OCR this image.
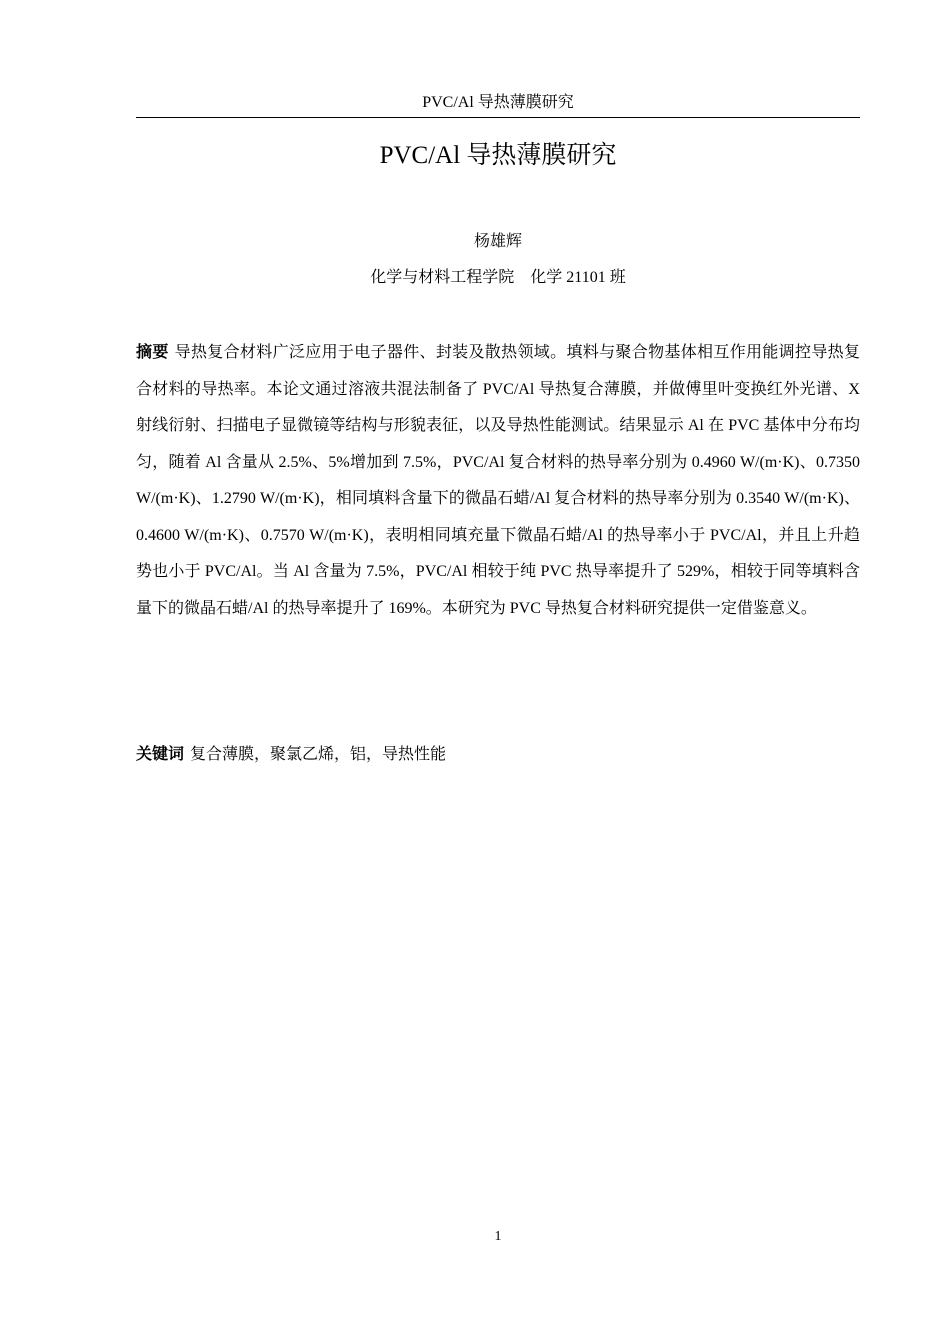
PVC/Al 导热薄膜研究
PVC/Al 导热薄膜研究
杨雄辉
化学与材料工程学院　化学 21101 班

摘要 导热复合材料广泛应用于电子器件、封装及散热领域。填料与聚合物基体相互作用能调控导热复合材料的导热率。本论文通过溶液共混法制备了 PVC/Al 导热复合薄膜，并做傅里叶变换红外光谱、X 射线衍射、扫描电子显微镜等结构与形貌表征，以及导热性能测试。结果显示 Al 在 PVC 基体中分布均匀，随着 Al 含量从 2.5%、5%增加到 7.5%，PVC/Al 复合材料的热导率分别为 0.4960 W/(m·K)、0.7350 W/(m·K)、1.2790 W/(m·K)，相同填料含量下的微晶石蜡/Al 复合材料的热导率分别为 0.3540 W/(m·K)、0.4600 W/(m·K)、0.7570 W/(m·K)，表明相同填充量下微晶石蜡/Al 的热导率小于 PVC/Al，并且上升趋势也小于 PVC/Al。当 Al 含量为 7.5%，PVC/Al 相较于纯 PVC 热导率提升了 529%，相较于同等填料含量下的微晶石蜡/Al 的热导率提升了 169%。本研究为 PVC 导热复合材料研究提供一定借鉴意义。

关键词 复合薄膜，聚氯乙烯，铝，导热性能

1
